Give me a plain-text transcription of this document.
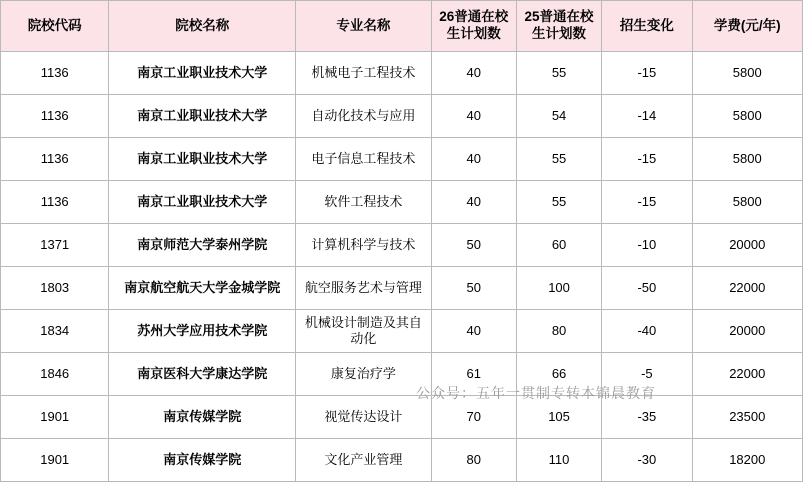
院校代码	院校名称	专业名称	26普通在校生计划数	25普通在校生计划数	招生变化	学费(元/年)
1136	南京工业职业技术大学	机械电子工程技术	40	55	-15	5800
1136	南京工业职业技术大学	自动化技术与应用	40	54	-14	5800
1136	南京工业职业技术大学	电子信息工程技术	40	55	-15	5800
1136	南京工业职业技术大学	软件工程技术	40	55	-15	5800
1371	南京师范大学泰州学院	计算机科学与技术	50	60	-10	20000
1803	南京航空航天大学金城学院	航空服务艺术与管理	50	100	-50	22000
1834	苏州大学应用技术学院	机械设计制造及其自动化	40	80	-40	20000
1846	南京医科大学康达学院	康复治疗学	61	66	-5	22000
1901	南京传媒学院	视觉传达设计	70	105	-35	23500
1901	南京传媒学院	文化产业管理	80	110	-30	18200
公众号：五年一贯制专转本锦晨教育
